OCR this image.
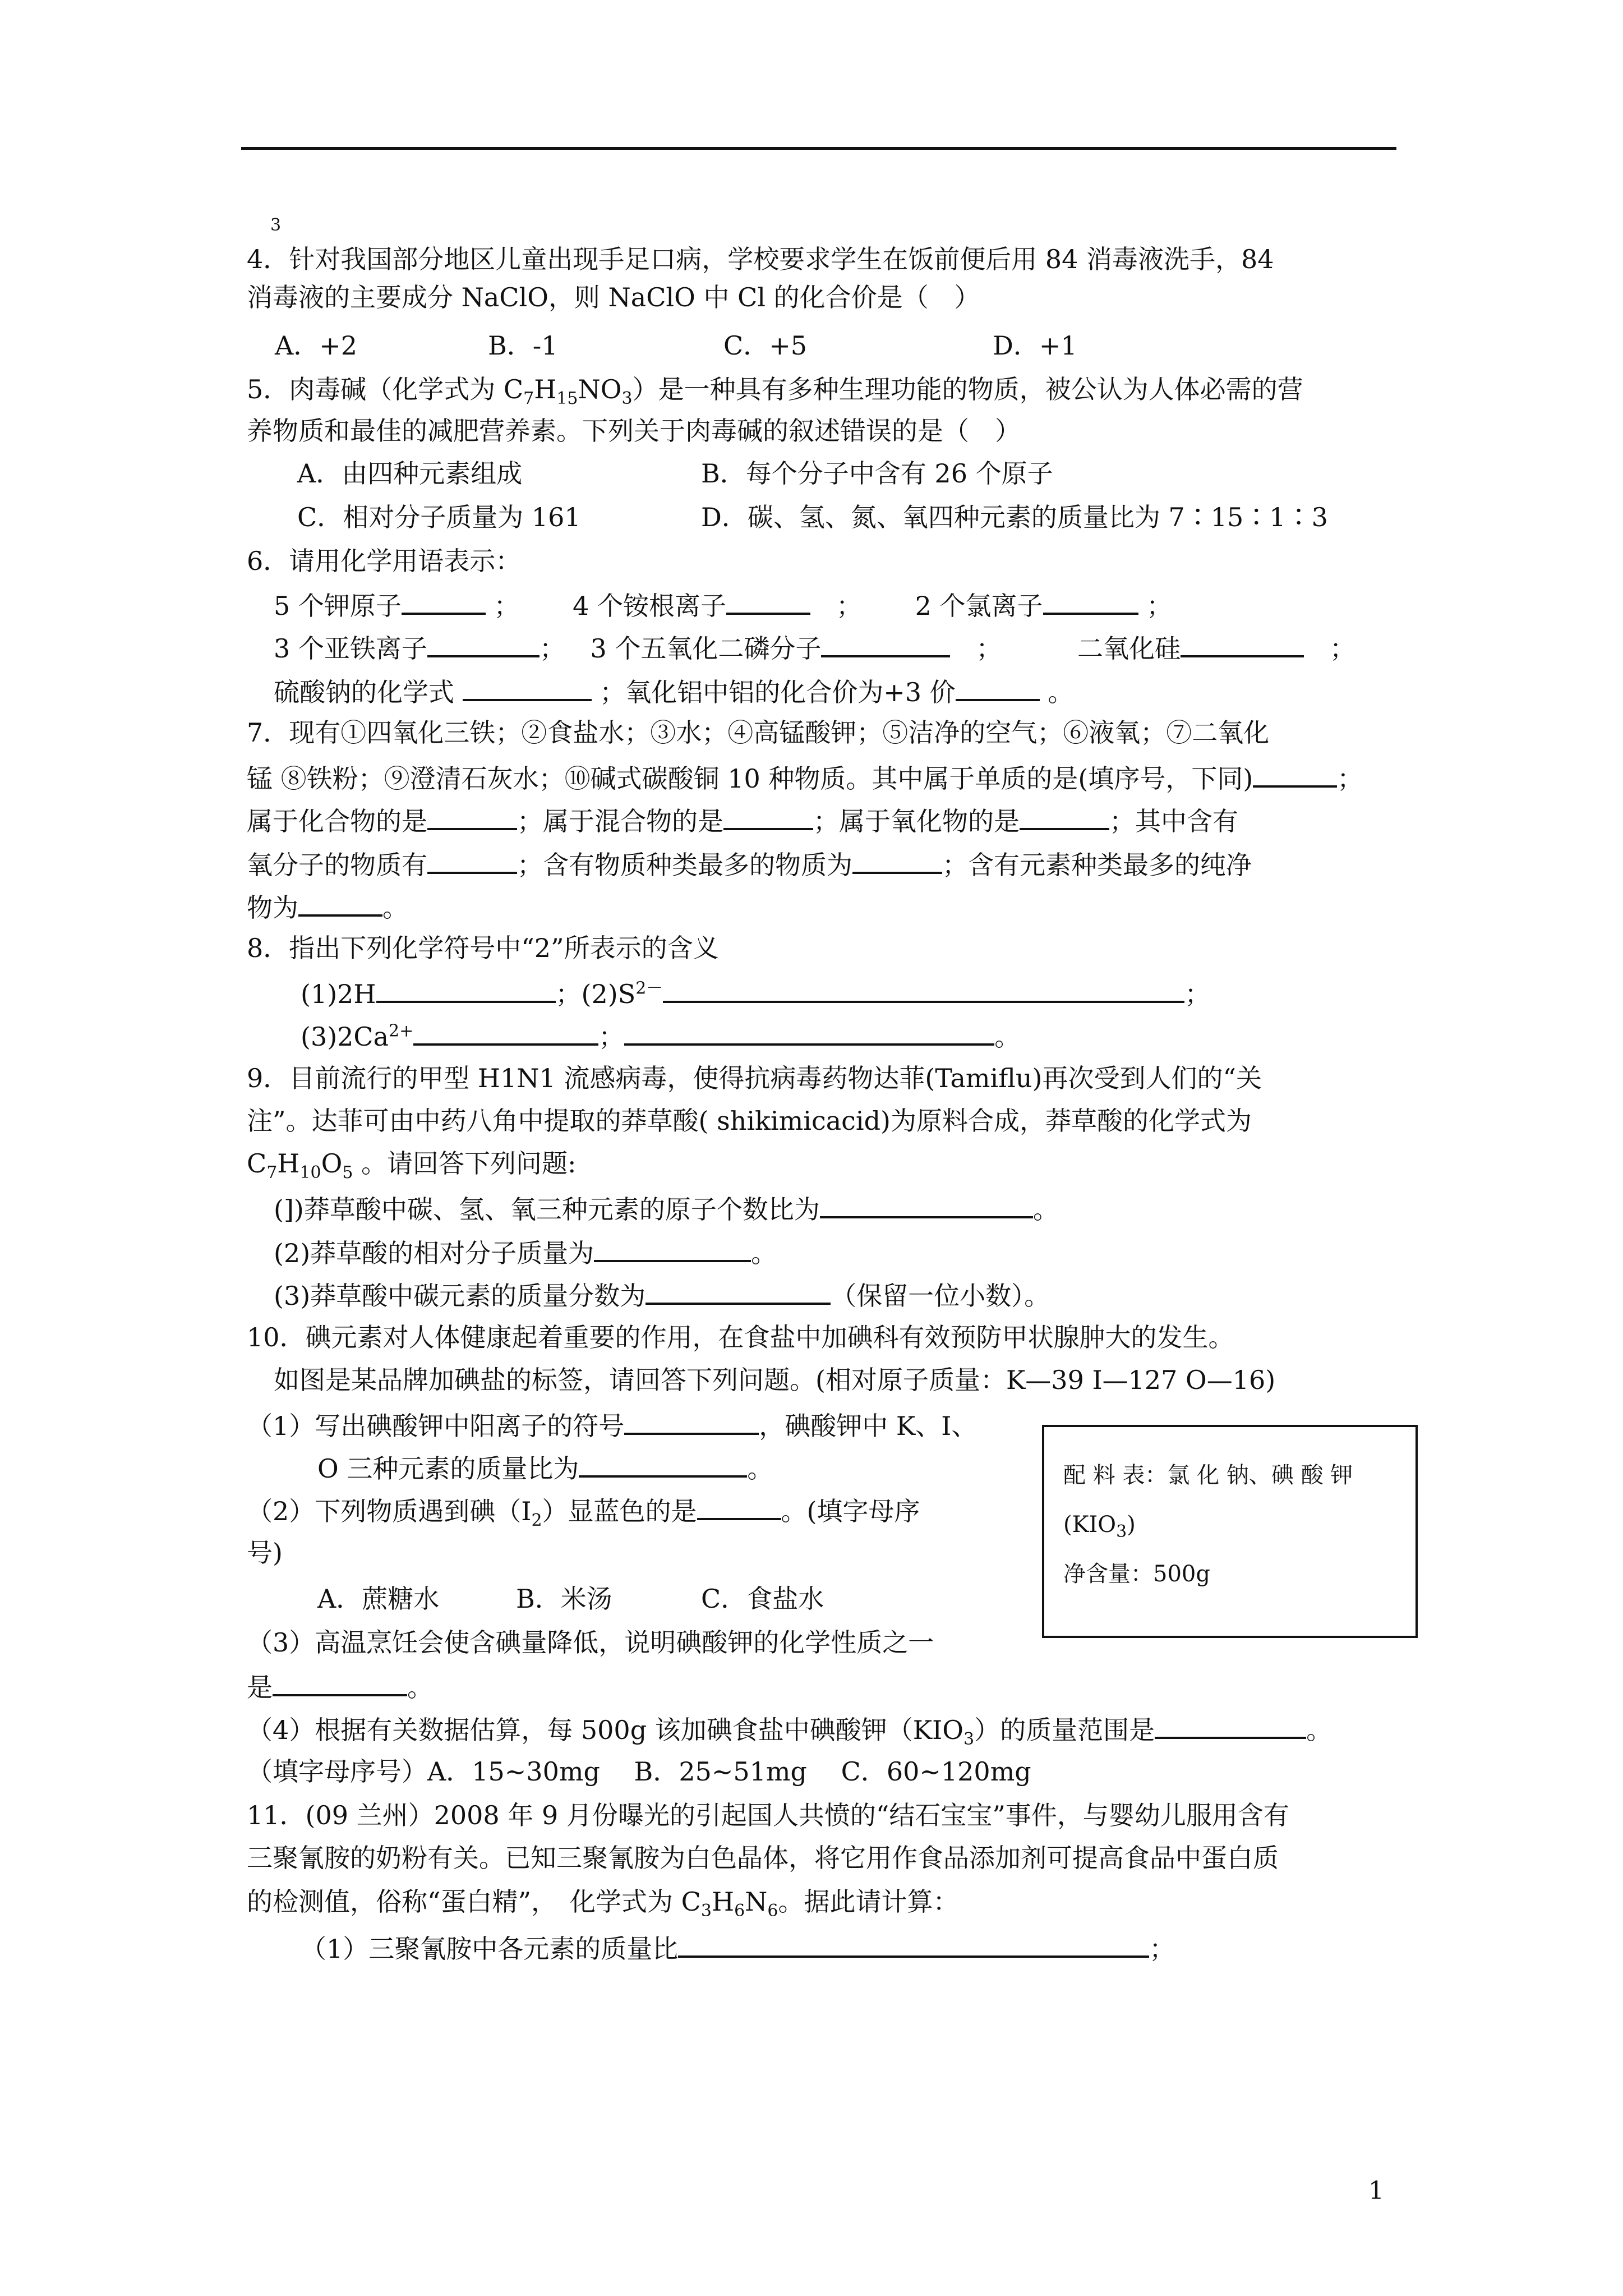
3
4．针对我国部分地区儿童出现手足口病，学校要求学生在饭前便后用 84 消毒液洗手，84
消毒液的主要成分 NaClO，则 NaClO 中 Cl 的化合价是（　）
A．+2	B．-1	C．+5	D．+1
5．肉毒碱（化学式为 $C_7H_{15}NO_3$）是一种具有多种生理功能的物质，被公认为人体必需的营
养物质和最佳的减肥营养素。下列关于肉毒碱的叙述错误的是（　）
A．由四种元素组成	B．每个分子中含有 26 个原子
C．相对分子质量为 161	D．碳、氢、氮、氧四种元素的质量比为 7∶15∶1∶3
6．请用化学用语表示：
5 个钾原子	； 4 个铵根离子　	； 2 个氯离子	；
3 个亚铁离子	； 3 个五氧化二磷分子　	；	二氧化硅　	；
硫酸钠的化学式	；氧化铝中铝的化合价为+3 价	。
7．现有①四氧化三铁；②食盐水；③水；④高锰酸钾；⑤洁净的空气；⑥液氧；⑦二氧化
锰 ⑧铁粉；⑨澄清石灰水；⑩碱式碳酸铜 10 种物质。其中属于单质的是(填序号，下同)	；
属于化合物的是	；属于混合物的是	；属于氧化物的是	；其中含有
氧分子的物质有	；含有物质种类最多的物质为	；含有元素种类最多的纯净
物为	。
8．指出下列化学符号中“2”所表示的含义
(1)2H	；$(2)S^{2-}$	；
$(3)2Ca^{2+}$	；	。
9．目前流行的甲型 H1N1 流感病毒，使得抗病毒药物达菲(Tamiflu)再次受到人们的“关
注”。达菲可由中药八角中提取的莽草酸( shikimicacid)为原料合成，莽草酸的化学式为
$C_7H_{10}O_5$ 。请回答下列问题:
(])莽草酸中碳、氢、氧三种元素的原子个数比为	。
(2)莽草酸的相对分子质量为	。
(3)莽草酸中碳元素的质量分数为	（保留一位小数）。
10．碘元素对人体健康起着重要的作用，在食盐中加碘科有效预防甲状腺肿大的发生。
如图是某品牌加碘盐的标签，请回答下列问题。(相对原子质量：K—39 I—127 O—16)
（1）写出碘酸钾中阳离子的符号	，碘酸钾中 K、I、
O 三种元素的质量比为	。
（2）下列物质遇到碘$(I_2)$显蓝色的是	。(填字母序
号)
A．蔗糖水	B．米汤	C．食盐水
（3）高温烹饪会使含碘量降低，说明碘酸钾的化学性质之一
是	。
（4）根据有关数据估算，每 500g 该加碘食盐中碘酸钾$(KIO_3)$的质量范围是	。
（填字母序号）A．15~30mg　 B．25~51mg　 C．60~120mg
配 料 表：氯 化 钠、碘 酸 钾
$(KIO_3)$
净含量：500g
11．(09 兰州）2008 年 9 月份曝光的引起国人共愤的“结石宝宝”事件，与婴幼儿服用含有
三聚氰胺的奶粉有关。已知三聚氰胺为白色晶体，将它用作食品添加剂可提高食品中蛋白质
的检测值，俗称“蛋白精”，　化学式为 $C_3H_6N_6$。据此请计算：
（1）三聚氰胺中各元素的质量比	；
1
